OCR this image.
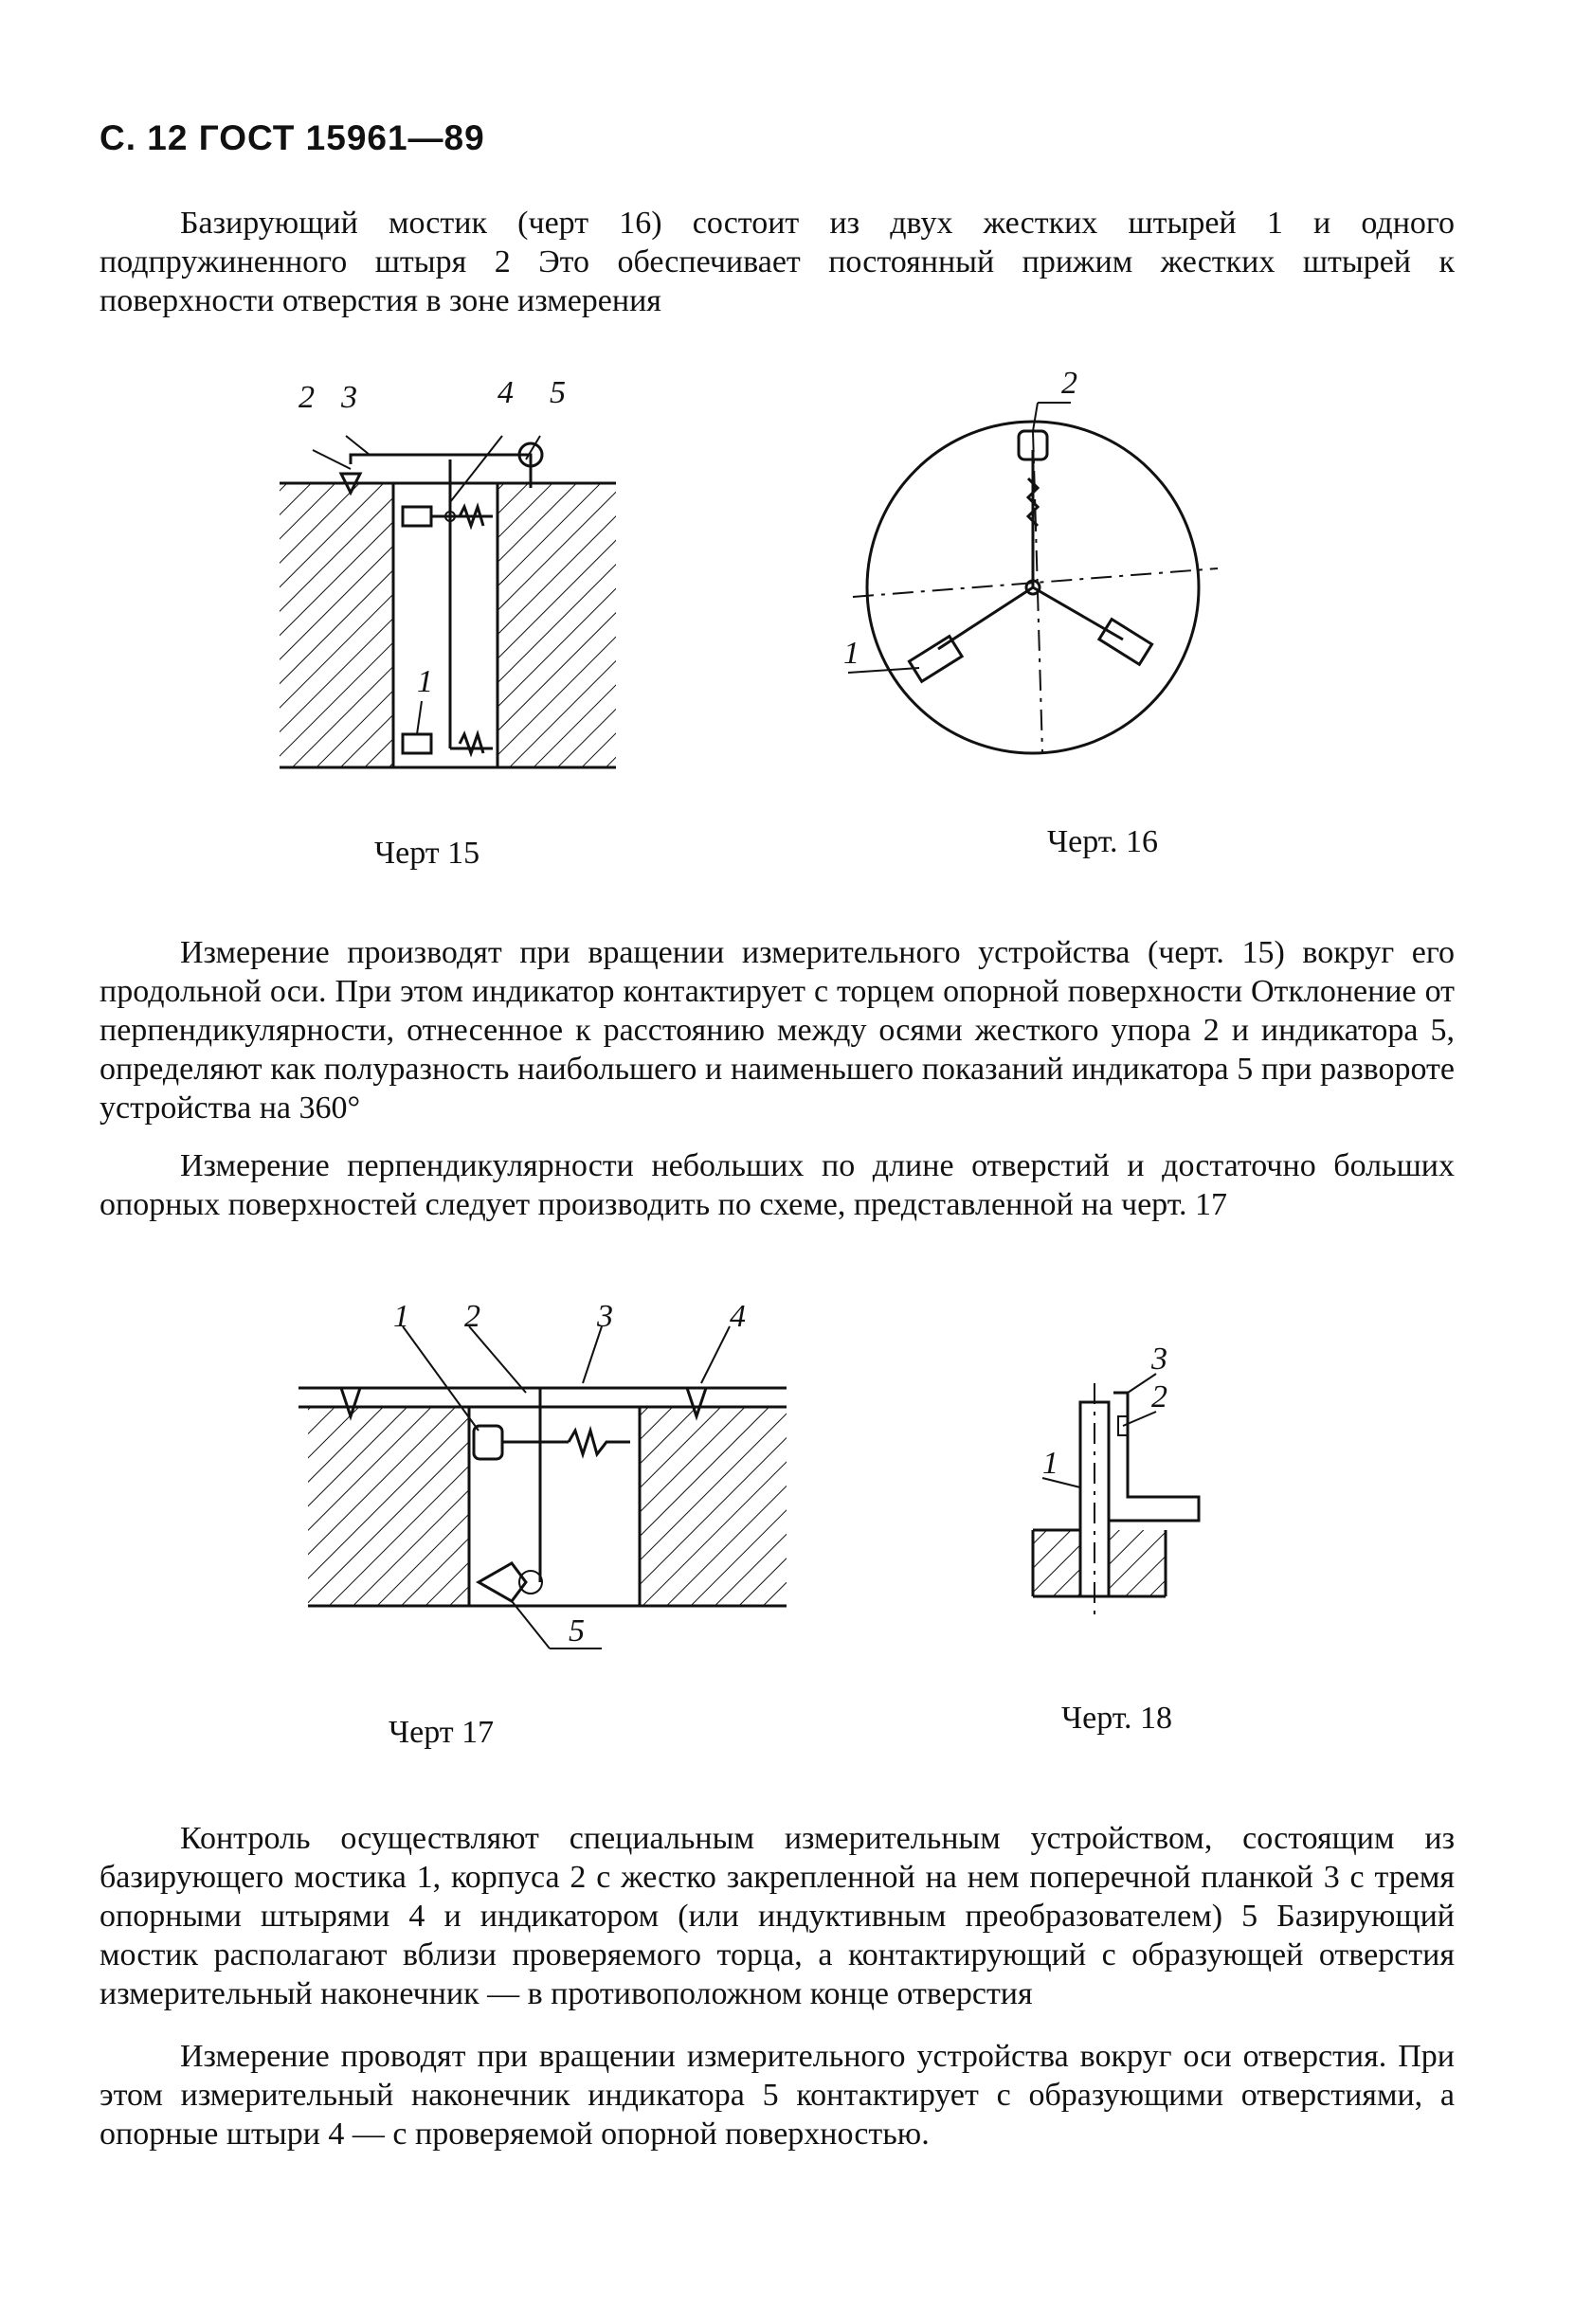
С. 12 ГОСТ 15961—89
Базирующий мостик (черт 16) состоит из двух жестких штырей 1 и одного подпружиненного штыря 2 Это обеспечивает постоянный прижим жестких штырей к поверхности отверстия в зоне измерения
2 3	4 5
1
Черт 15
2
1
Черт. 16
Измерение производят при вращении измерительного устройства (черт. 15) вокруг его продольной оси. При этом индикатор контактирует с торцем опорной поверхности Отклонение от перпендикулярности, отнесенное к расстоянию между осями жесткого упора 2 и индикатора 5, определяют как полуразность наибольшего и наименьшего показаний индикатора 5 при развороте устройства на 360°
Измерение перпендикулярности небольших по длине отверстий и достаточно больших опорных поверхностей следует производить по схеме, представленной на черт. 17
1 2	3	4
5
Черт 17
3
2
1
Черт. 18
Контроль осуществляют специальным измерительным устройством, состоящим из базирующего мостика 1, корпуса 2 с жестко закрепленной на нем поперечной планкой 3 с тремя опорными штырями 4 и индикатором (или индуктивным преобразователем) 5 Базирующий мостик располагают вблизи проверяемого торца, а контактирующий с образующей отверстия измерительный наконечник — в противоположном конце отверстия
Измерение проводят при вращении измерительного устройства вокруг оси отверстия. При этом измерительный наконечник индикатора 5 контактирует с образующими отверстиями, а опорные штыри 4 — с проверяемой опорной поверхностью.
